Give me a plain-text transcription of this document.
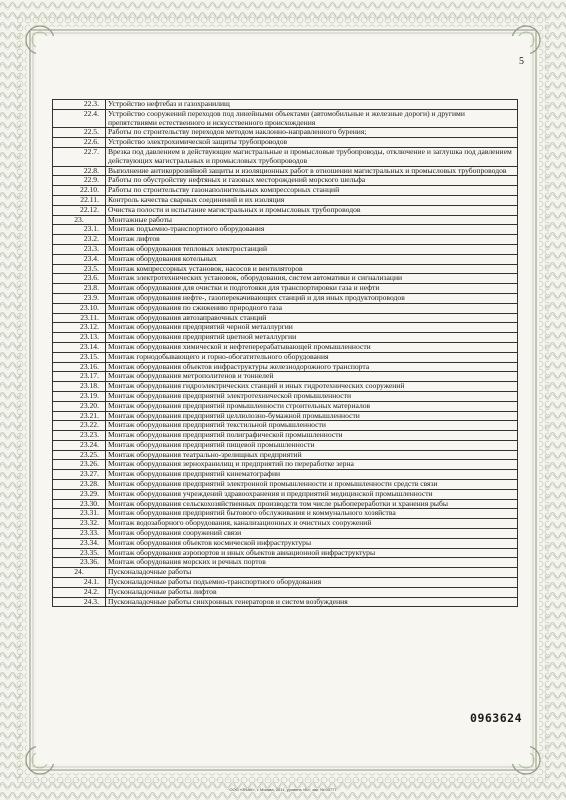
5
22.3.	Устройство нефтебаз и газохранилищ
22.4.	Устройство сооружений переходов под линейными объектами (автомобильные и железные дороги) и другими препятствиями естественного и искусственного происхождения
22.5.	Работы по строительству переходов методом наклонно-направленного бурения;
22.6.	Устройство электрохимической защиты трубопроводов
22.7.	Врезка под давлением в действующие магистральные и промысловые трубопроводы, отключение и заглушка под давлением действующих магистральных и промысловых трубопроводов
22.8.	Выполнение антикоррозийной защиты и изоляционных работ в отношении магистральных и промысловых трубопроводов
22.9.	Работы по обустройству нефтяных и газовых месторождений морского шельфа
22.10.	Работы по строительству газонаполнительных компрессорных станций
22.11.	Контроль качества сварных соединений и их изоляция
22.12.	Очистка полости и испытание магистральных и промысловых трубопроводов
23.	Монтажные работы
23.1.	Монтаж подъемно-транспортного оборудования
23.2.	Монтаж лифтов
23.3.	Монтаж оборудования тепловых электростанций
23.4.	Монтаж оборудования котельных
23.5.	Монтаж компрессорных установок, насосов и вентиляторов
23.6.	Монтаж электротехнических установок, оборудования, систем автоматики и сигнализации
23.8.	Монтаж оборудования для очистки и подготовки для транспортировки газа и нефти
23.9.	Монтаж оборудования нефте-, газоперекачивающих станций и для иных продуктопроводов
23.10.	Монтаж оборудования по сжижению природного газа
23.11.	Монтаж оборудования автозаправочных станций
23.12.	Монтаж оборудования предприятий черной металлургии
23.13.	Монтаж оборудования предприятий цветной металлургии
23.14.	Монтаж оборудования химической и нефтеперерабатывающей промышленности
23.15.	Монтаж горнодобывающего и горно-обогатительного оборудования
23.16.	Монтаж оборудования объектов инфраструктуры железнодорожного транспорта
23.17.	Монтаж оборудования метрополитенов и тоннелей
23.18.	Монтаж оборудования гидроэлектрических станций и иных гидротехнических сооружений
23.19.	Монтаж оборудования предприятий электротехнической промышленности
23.20.	Монтаж оборудования предприятий промышленности строительных материалов
23.21.	Монтаж оборудования предприятий целлюлозно-бумажной промышленности
23.22.	Монтаж оборудования предприятий текстильной промышленности
23.23.	Монтаж оборудования предприятий полиграфической промышленности
23.24.	Монтаж оборудования предприятий пищевой промышленности
23.25.	Монтаж оборудования театрально-зрелищных предприятий
23.26.	Монтаж оборудования зернохранилищ и предприятий по переработке зерна
23.27.	Монтаж оборудования предприятий кинематографии
23.28.	Монтаж оборудования предприятий электронной промышленности и промышленности средств связи
23.29.	Монтаж оборудования учреждений здравоохранения и предприятий медицинской промышленности
23.30.	Монтаж оборудования сельскохозяйственных производств том числе рыбопереработки и хранения рыбы
23.31.	Монтаж оборудования предприятий бытового обслуживания и коммунального хозяйства
23.32.	Монтаж водозаборного оборудования, канализационных и очистных сооружений
23.33.	Монтаж оборудования сооружений связи
23.34.	Монтаж оборудования объектов космической инфраструктуры
23.35.	Монтаж оборудования аэропортов и иных объектов авиационной инфраструктуры
23.36.	Монтаж оборудования морских и речных портов
24.	Пусконаладочные работы
24.1.	Пусконаладочные работы подъемно-транспортного оборудования
24.2.	Пусконаладочные работы лифтов
24.3.	Пусконаладочные работы синхронных генераторов и систем возбуждения
0963624
ООО «ЗНАК», г. Москва, 2011, уровень «Б», зак. № 03777
